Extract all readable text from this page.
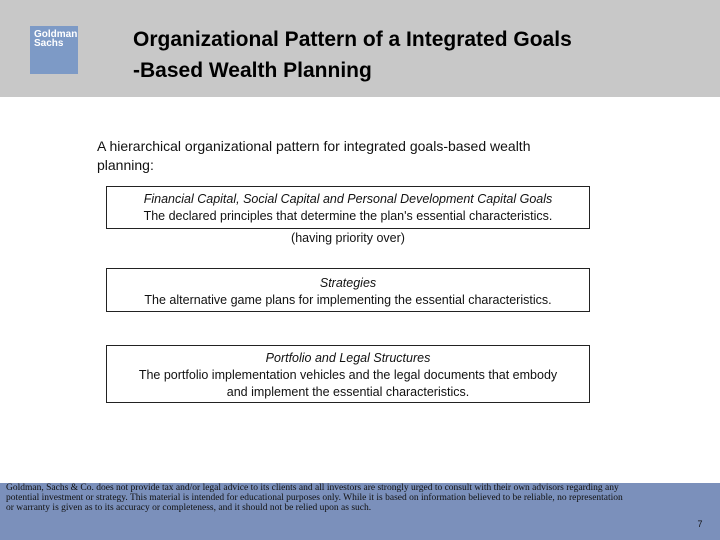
Goldman
Sachs	Organizational Pattern of a Integrated Goals
-Based Wealth Planning
A hierarchical organizational pattern for integrated goals-based wealth
planning:
Financial Capital, Social Capital and Personal Development Capital Goals
The declared principles that determine the plan's essential characteristics.
(having priority over)
Strategies
The alternative game plans for implementing the essential characteristics.
Portfolio and Legal Structures
The portfolio implementation vehicles and the legal documents that embody
and implement the essential characteristics.
Goldman, Sachs & Co. does not provide tax and/or legal advice to its clients and all investors are strongly urged to consult with their own advisors regarding any
potential investment or strategy. This material is intended for educational purposes only. While it is based on information believed to be reliable, no representation
or warranty is given as to its accuracy or completeness, and it should not be relied upon as such.
7
